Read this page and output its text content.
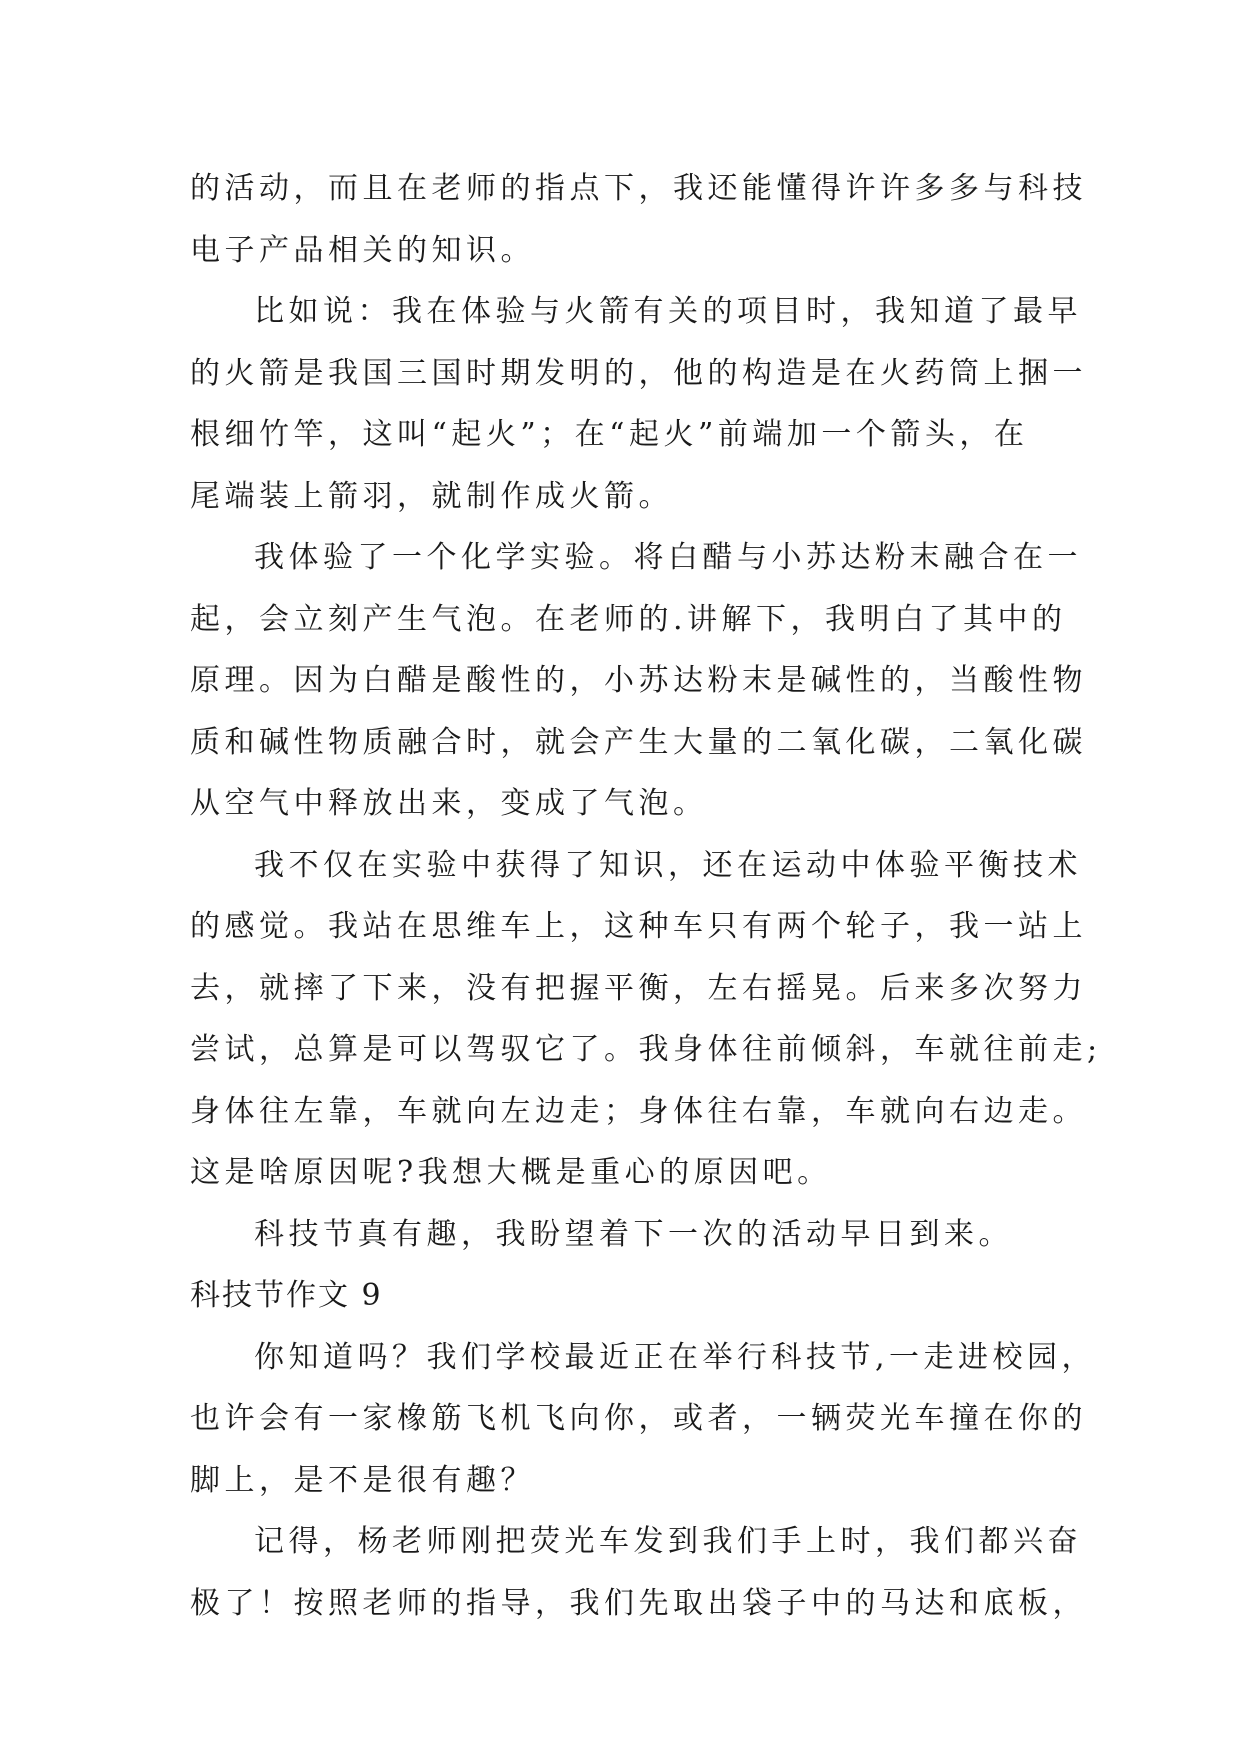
的活动，而且在老师的指点下，我还能懂得许许多多与科技
电子产品相关的知识。
比如说：我在体验与火箭有关的项目时，我知道了最早
的火箭是我国三国时期发明的，他的构造是在火药筒上捆一
根细竹竿，这叫“起火”；在“起火”前端加一个箭头，在
尾端装上箭羽，就制作成火箭。
我体验了一个化学实验。将白醋与小苏达粉末融合在一
起，会立刻产生气泡。在老师的.讲解下，我明白了其中的
原理。因为白醋是酸性的，小苏达粉末是碱性的，当酸性物
质和碱性物质融合时，就会产生大量的二氧化碳，二氧化碳
从空气中释放出来，变成了气泡。
我不仅在实验中获得了知识，还在运动中体验平衡技术
的感觉。我站在思维车上，这种车只有两个轮子，我一站上
去，就摔了下来，没有把握平衡，左右摇晃。后来多次努力
尝试，总算是可以驾驭它了。我身体往前倾斜，车就往前走;
身体往左靠，车就向左边走；身体往右靠，车就向右边走。
这是啥原因呢?我想大概是重心的原因吧。
科技节真有趣，我盼望着下一次的活动早日到来。
科技节作文 9
你知道吗？我们学校最近正在举行科技节,一走进校园，
也许会有一家橡筋飞机飞向你，或者，一辆荧光车撞在你的
脚上，是不是很有趣？
记得，杨老师刚把荧光车发到我们手上时，我们都兴奋
极了！按照老师的指导，我们先取出袋子中的马达和底板，
